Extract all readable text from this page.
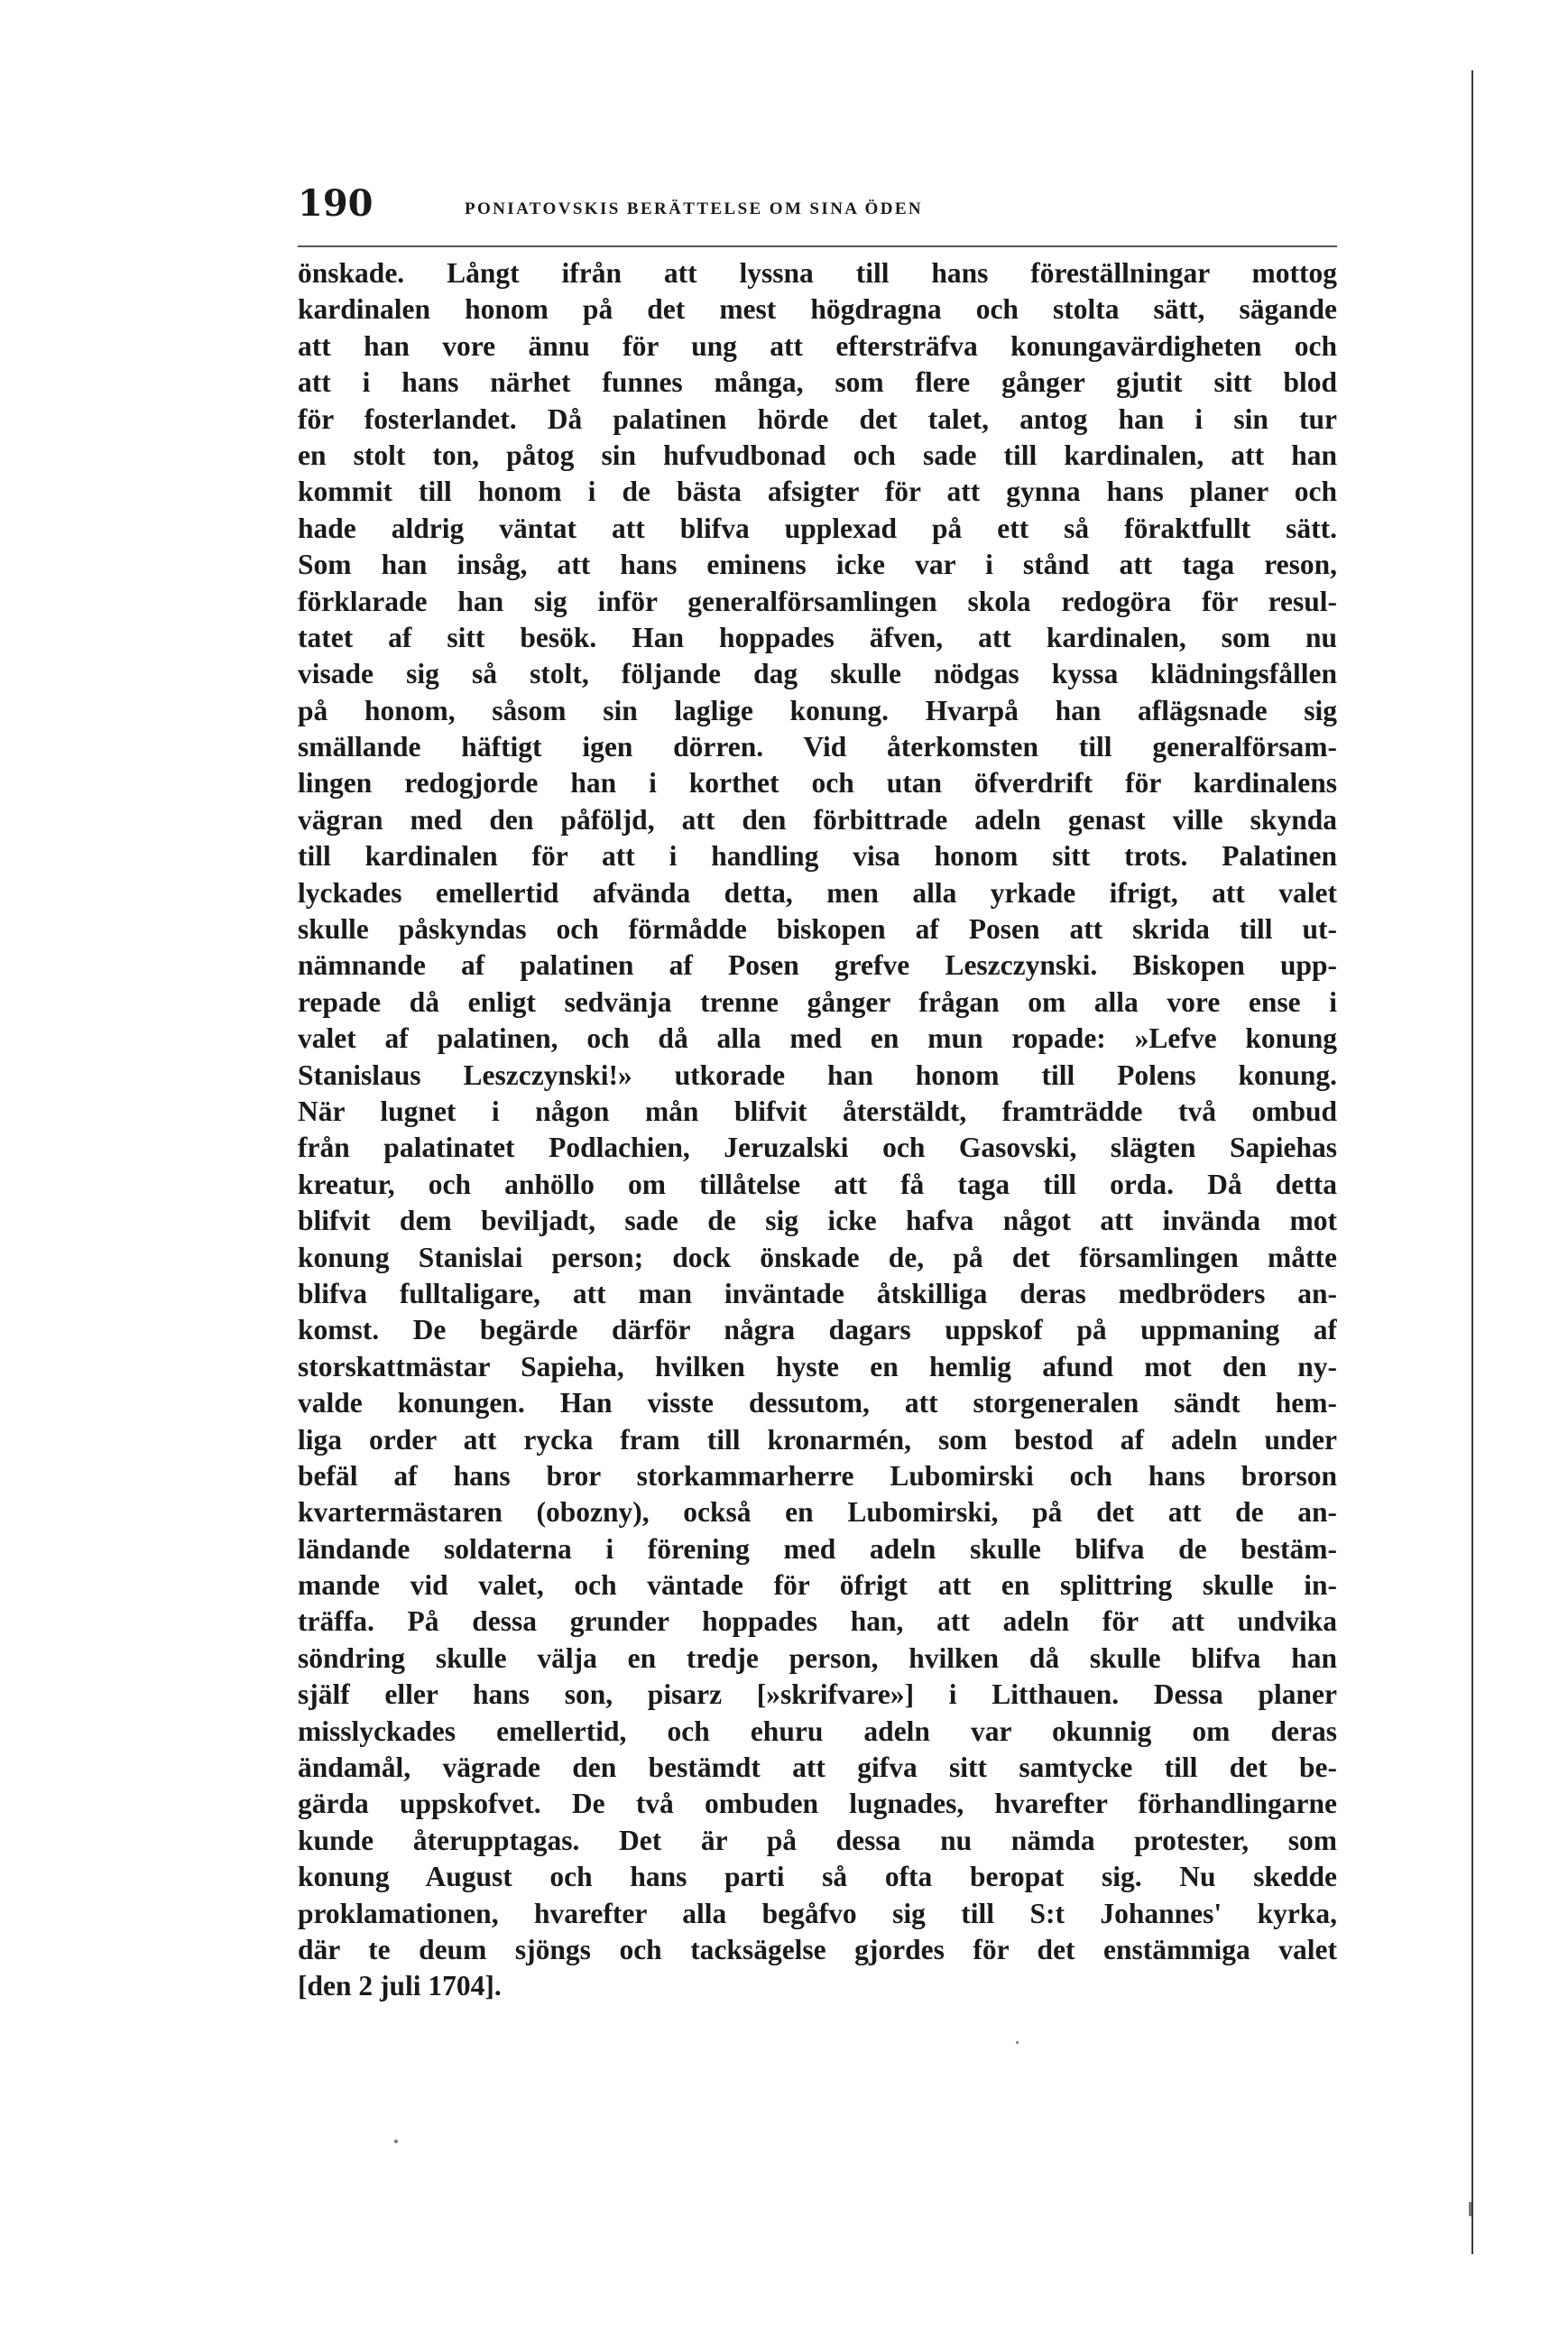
190	PONIATOVSKIS BERÄTTELSE OM SINA ÖDEN
önskade. Långt ifrån att lyssna till hans föreställningar mottog
kardinalen honom på det mest högdragna och stolta sätt, sägande
att han vore ännu för ung att eftersträfva konungavärdigheten och
att i hans närhet funnes många, som flere gånger gjutit sitt blod
för fosterlandet. Då palatinen hörde det talet, antog han i sin tur
en stolt ton, påtog sin hufvudbonad och sade till kardinalen, att han
kommit till honom i de bästa afsigter för att gynna hans planer och
hade aldrig väntat att blifva upplexad på ett så föraktfullt sätt.
Som han insåg, att hans eminens icke var i stånd att taga reson,
förklarade han sig inför generalförsamlingen skola redogöra för resul-
tatet af sitt besök. Han hoppades äfven, att kardinalen, som nu
visade sig så stolt, följande dag skulle nödgas kyssa klädningsfållen
på honom, såsom sin laglige konung. Hvarpå han aflägsnade sig
smällande häftigt igen dörren. Vid återkomsten till generalförsam-
lingen redogjorde han i korthet och utan öfverdrift för kardinalens
vägran med den påföljd, att den förbittrade adeln genast ville skynda
till kardinalen för att i handling visa honom sitt trots. Palatinen
lyckades emellertid afvända detta, men alla yrkade ifrigt, att valet
skulle påskyndas och förmådde biskopen af Posen att skrida till ut-
nämnande af palatinen af Posen grefve Leszczynski. Biskopen upp-
repade då enligt sedvänja trenne gånger frågan om alla vore ense i
valet af palatinen, och då alla med en mun ropade: »Lefve konung
Stanislaus Leszczynski!» utkorade han honom till Polens konung.
När lugnet i någon mån blifvit återstäldt, framträdde två ombud
från palatinatet Podlachien, Jeruzalski och Gasovski, slägten Sapiehas
kreatur, och anhöllo om tillåtelse att få taga till orda. Då detta
blifvit dem beviljadt, sade de sig icke hafva något att invända mot
konung Stanislai person; dock önskade de, på det församlingen måtte
blifva fulltaligare, att man inväntade åtskilliga deras medbröders an-
komst. De begärde därför några dagars uppskof på uppmaning af
storskattmästar Sapieha, hvilken hyste en hemlig afund mot den ny-
valde konungen. Han visste dessutom, att storgeneralen sändt hem-
liga order att rycka fram till kronarmén, som bestod af adeln under
befäl af hans bror storkammarherre Lubomirski och hans brorson
kvartermästaren (obozny), också en Lubomirski, på det att de an-
ländande soldaterna i förening med adeln skulle blifva de bestäm-
mande vid valet, och väntade för öfrigt att en splittring skulle in-
träffa. På dessa grunder hoppades han, att adeln för att undvika
söndring skulle välja en tredje person, hvilken då skulle blifva han
själf eller hans son, pisarz [»skrifvare»] i Litthauen. Dessa planer
misslyckades emellertid, och ehuru adeln var okunnig om deras
ändamål, vägrade den bestämdt att gifva sitt samtycke till det be-
gärda uppskofvet. De två ombuden lugnades, hvarefter förhandlingarne
kunde återupptagas. Det är på dessa nu nämda protester, som
konung August och hans parti så ofta beropat sig. Nu skedde
proklamationen, hvarefter alla begåfvo sig till S:t Johannes' kyrka,
där te deum sjöngs och tacksägelse gjordes för det enstämmiga valet
[den 2 juli 1704].
